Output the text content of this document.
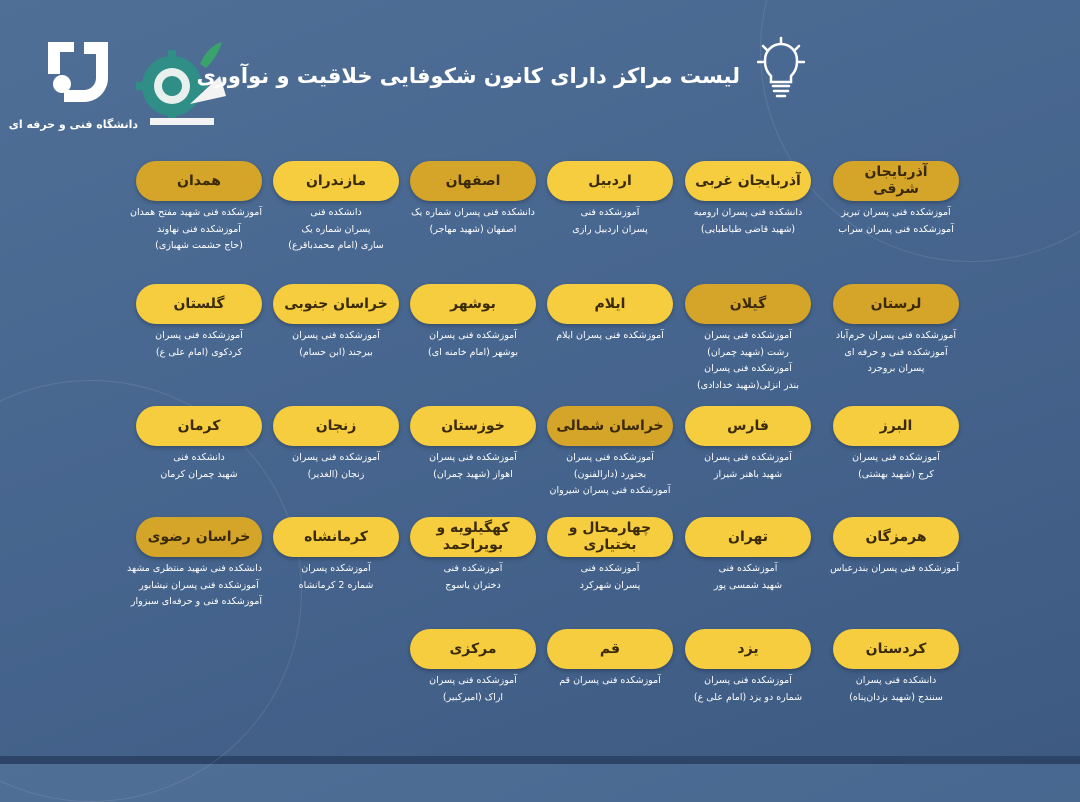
دانشگاه فنی و حرفه ای
لیست مراکز دارای کانون شکوفایی خلاقیت و نوآوری
آذربایجان شرقی
آموزشکده فنی پسران تبریز
آموزشکده فنی پسران سراب
آذربایجان غربی
دانشکده فنی پسران ارومیه
(شهید قاضی طباطبایی)
اردبیل
آموزشکده فنی
پسران اردبیل رازی
اصفهان
دانشکده فنی پسران شماره یک
اصفهان (شهید مهاجر)
مازندران
دانشکده فنی
پسران شماره یک
ساری (امام محمدباقرع)
همدان
آموزشکده فنی شهید مفتح همدان
آموزشکده فنی نهاوند
(حاج حشمت شهبازی)
لرستان
آموزشکده فنی پسران خرم‌آباد
آموزشکده فنی و حرفه ای
پسران بروجرد
گیلان
آموزشکده فنی پسران
رشت (شهید چمران)
آموزشکده فنی پسران
بندر انزلی(شهید خدادادی)
ایلام
آموزشکده فنی پسران ایلام
بوشهر
آموزشکده فنی پسران
بوشهر (امام خامنه ای)
خراسان جنوبی
آموزشکده فنی پسران
بیرجند (ابن حسام)
گلستان
آموزشکده فنی پسران
کردکوی (امام علی ع)
البرز
آموزشکده فنی پسران
کرج (شهید بهشتی)
فارس
آموزشکده فنی پسران
شهید باهنر شیراز
خراسان شمالی
آموزشکده فنی پسران
بجنورد (دارالفنون)
آموزشکده فنی پسران شیروان
خوزستان
آموزشکده فنی پسران
اهواز (شهید چمران)
زنجان
آموزشکده فنی پسران
زنجان (الغدیر)
کرمان
دانشکده فنی
شهید چمران کرمان
هرمزگان
آموزشکده فنی پسران بندرعباس
تهران
آموزشکده فنی
شهید شمسی پور
چهارمحال و بختیاری
آموزشکده فنی
پسران شهرکرد
کهگیلویه و بویراحمد
آموزشکده فنی
دختران یاسوج
کرمانشاه
آموزشکده پسران
شماره 2 کرمانشاه
خراسان رضوی
دانشکده فنی شهید منتظری مشهد
آموزشکده فنی پسران نیشابور
آموزشکده فنی و حرفه‌ای سبزوار
کردستان
دانشکده فنی پسران
سنندج (شهید بزدان‌پناه)
یزد
آموزشکده فنی پسران
شماره دو یزد (امام علی ع)
قم
آموزشکده فنی پسران قم
مرکزی
آموزشکده فنی پسران
اراک (امیرکبیر)
